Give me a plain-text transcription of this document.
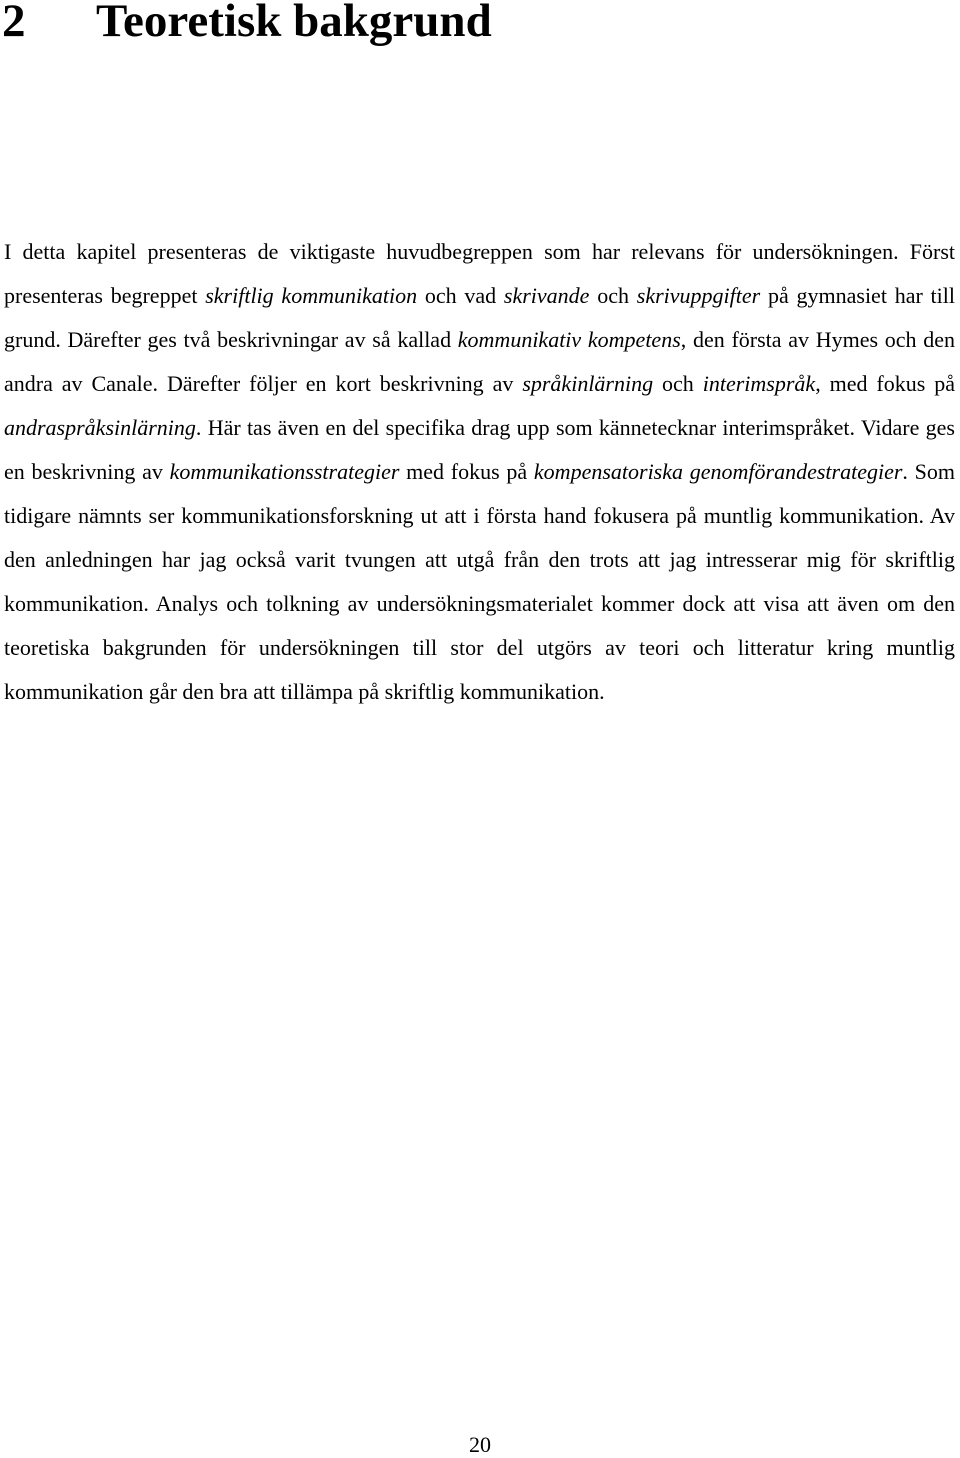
2 Teoretisk bakgrund

I detta kapitel presenteras de viktigaste huvudbegreppen som har relevans för undersökningen. Först presenteras begreppet skriftlig kommunikation och vad skrivande och skrivuppgifter på gymnasiet har till grund. Därefter ges två beskrivningar av så kallad kommunikativ kompetens, den första av Hymes och den andra av Canale. Därefter följer en kort beskrivning av språkinlärning och interimspråk, med fokus på andraspråksinlärning. Här tas även en del specifika drag upp som kännetecknar interimspråket. Vidare ges en beskrivning av kommunikationsstrategier med fokus på kompensatoriska genomförandestrategier. Som tidigare nämnts ser kommunikationsforskning ut att i första hand fokusera på muntlig kommunikation. Av den anledningen har jag också varit tvungen att utgå från den trots att jag intresserar mig för skriftlig kommunikation. Analys och tolkning av undersökningsmaterialet kommer dock att visa att även om den teoretiska bakgrunden för undersökningen till stor del utgörs av teori och litteratur kring muntlig kommunikation går den bra att tillämpa på skriftlig kommunikation.

20
